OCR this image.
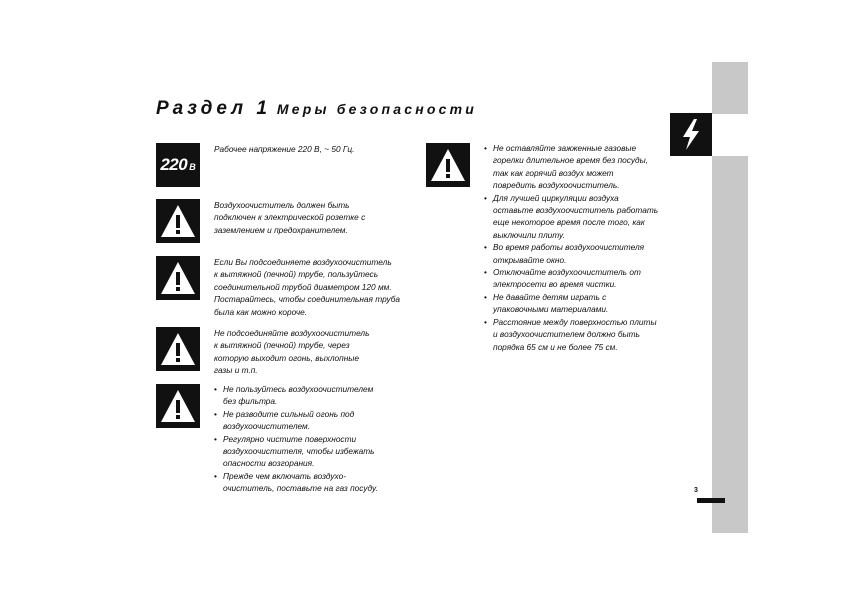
Раздел 1 Меры безопасности
220 В
Рабочее напряжение 220 В, ~ 50 Гц.
Воздухоочиститель должен быть
подключен к электрической розетке с
заземлением и предохранителем.
Если Вы подсоединяете воздухоочиститель
к вытяжной (печной) трубе, пользуйтесь
соединительной трубой диаметром 120 мм.
Постарайтесь, чтобы соединительная труба
была как можно короче.
Не подсоединяйте воздухоочиститель
к вытяжной (печной) трубе, через
которую выходит огонь, выхлопные
газы и т.п.
• Не пользуйтесь воздухоочистителем
без фильтра.
• Не разводите сильный огонь под
воздухоочистителем.
• Регулярно чистите поверхности
воздухоочистителя, чтобы избежать
опасности возгорания.
• Прежде чем включать воздухо-
очиститель, поставьте на газ посуду.
• Не оставляйте зажженные газовые
горелки длительное время без посуды,
так как горячий воздух может
повредить воздухоочиститель.
• Для лучшей циркуляции воздуха
оставьте воздухоочиститель работать
еще некоторое время после того, как
выключили плиту.
• Во время работы воздухоочистителя
открывайте окно.
• Отключайте воздухоочиститель от
электросети во время чистки.
• Не давайте детям играть с
упаковочными материалами.
• Расстояние между поверхностью плиты
и воздухоочистителем должно быть
порядка 65 см и не более 75 см.
3
